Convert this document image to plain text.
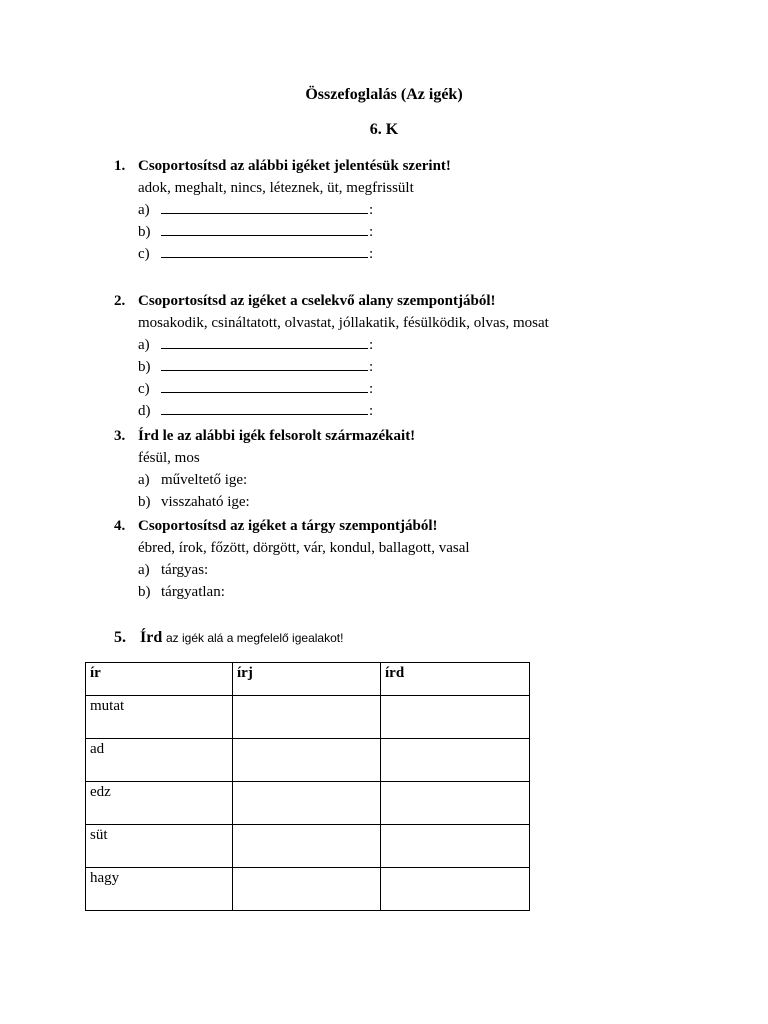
Összefoglalás (Az igék)
6. K
1. Csoportosítsd az alábbi igéket jelentésük szerint!
adok, meghalt, nincs, léteznek, üt, megfrissült
a)	:
b)	:
c)	:
2. Csoportosítsd az igéket a cselekvő alany szempontjából!
mosakodik, csináltatott, olvastat, jóllakatik, fésülködik, olvas, mosat
a)	:
b)	:
c)	:
d)	:
3. Írd le az alábbi igék felsorolt származékait!
fésül, mos
a) műveltető ige:
b) visszaható ige:
4. Csoportosítsd az igéket a tárgy szempontjából!
ébred, írok, főzött, dörgött, vár, kondul, ballagott, vasal
a) tárgyas:
b) tárgyatlan:
5. Írd az igék alá a megfelelő igealakot!
ír	írj	írd
mutat		
ad		
edz		
süt		
hagy		
